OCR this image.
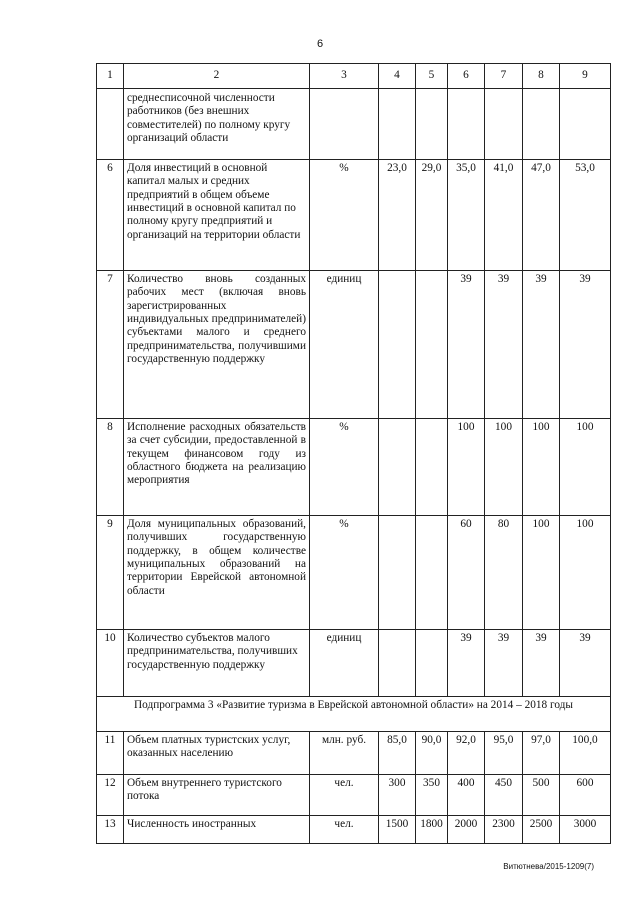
6
1	2	3	4	5	6	7	8	9
	среднесписочной численности работников (без внешних совместителей) по полному кругу организаций области							
6	Доля инвестиций в основной капитал малых и средних предприятий в общем объеме инвестиций в основной капитал по полному кругу предприятий и организаций на территории области	%	23,0	29,0	35,0	41,0	47,0	53,0
7	Количество вновь созданных рабочих мест (включая вновь зарегистрированных индивидуальных предпринимателей) субъектами малого и среднего предпринимательства, получившими государственную поддержку	единиц			39	39	39	39
8	Исполнение расходных обязательств за счет субсидии, предоставленной в текущем финансовом году из областного бюджета на реализацию мероприятия	%			100	100	100	100
9	Доля муниципальных образований, получивших государственную поддержку, в общем количестве муниципальных образований на территории Еврейской автономной области	%			60	80	100	100
10	Количество субъектов малого предпринимательства, получивших государственную поддержку	единиц			39	39	39	39
Подпрограмма 3 «Развитие туризма в Еврейской автономной области» на 2014 – 2018 годы								
11	Объем платных туристских услуг, оказанных населению	млн. руб.	85,0	90,0	92,0	95,0	97,0	100,0
12	Объем внутреннего туристского потока	чел.	300	350	400	450	500	600
13	Численность иностранных	чел.	1500	1800	2000	2300	2500	3000
Витютнева/2015-1209(7)
